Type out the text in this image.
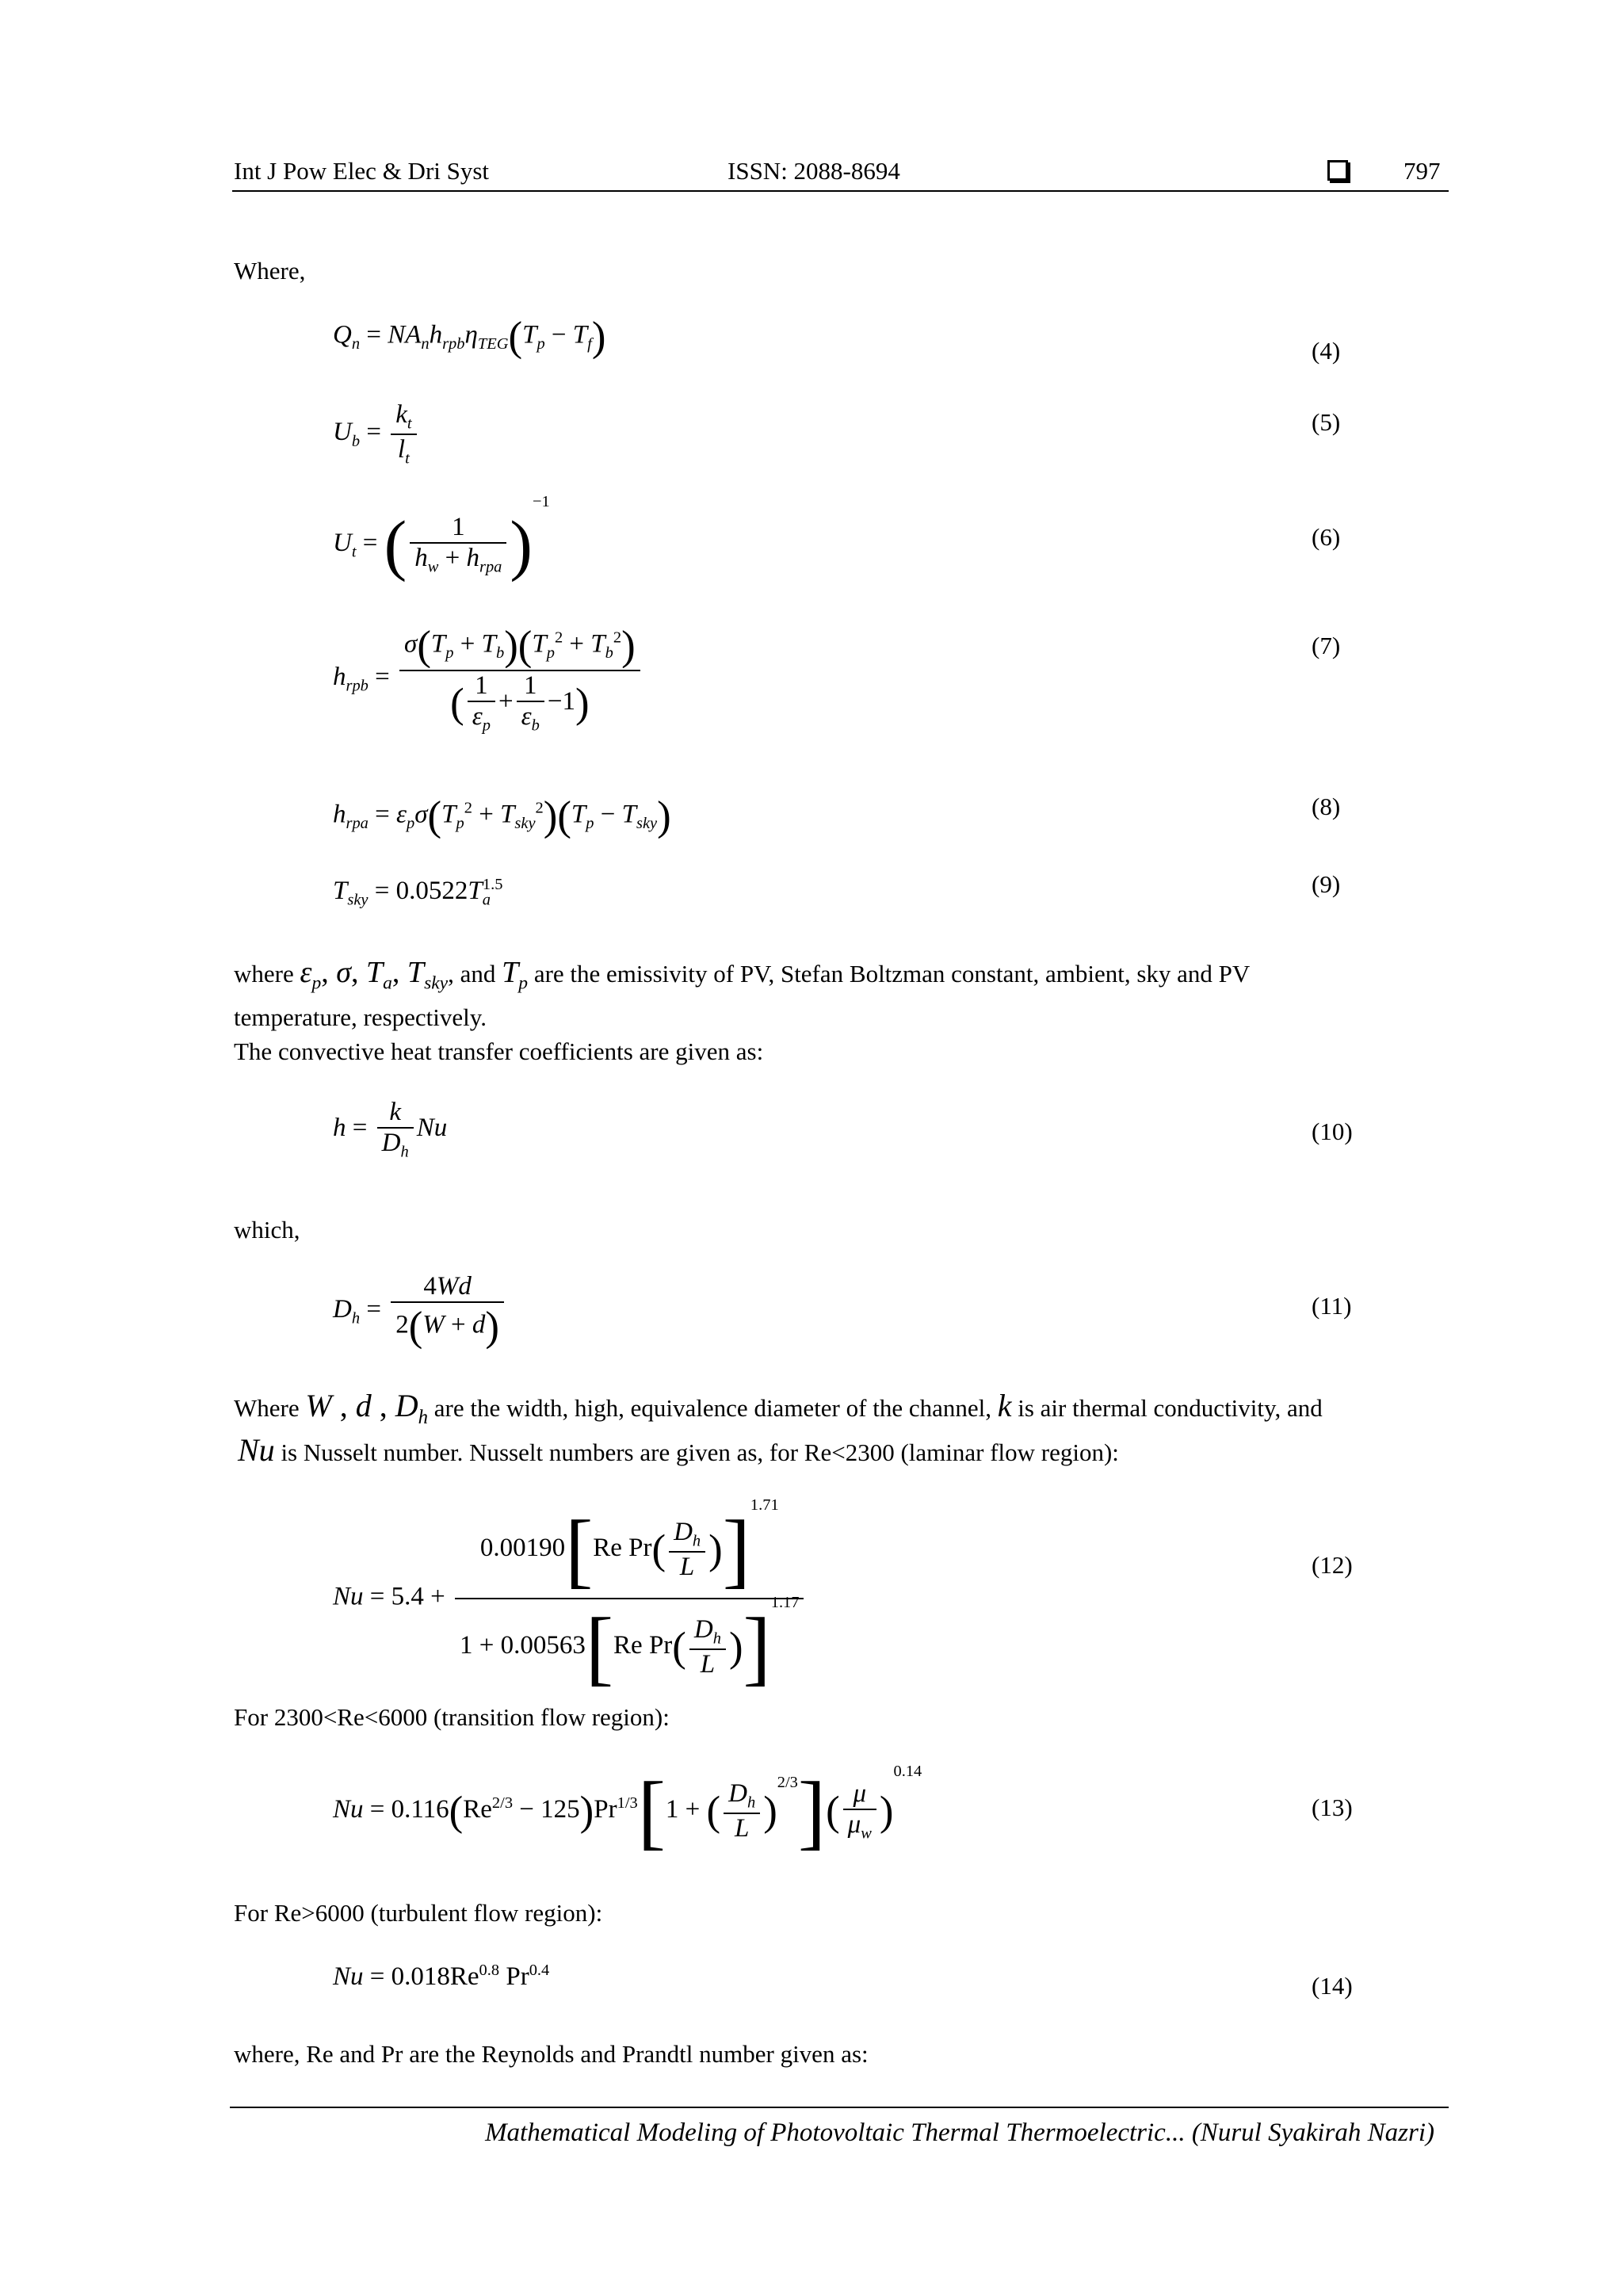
Int J Pow Elec & Dri Syst	ISSN: 2088-8694	797
Where,
$Q_n = NA_nh_{rpb}\eta_{TEG}(T_p - T_f)$	(4)
$U_b = \frac{k_t}{l_t}$	(5)
$U_t$ = ( $\frac{1}{h_w + h_{rpa}} )^{-1}$
(6)
$h_{rpb} = \frac{\sigma(T_p + T_b)(T_p^2 + T_b^2)}{( \frac{1}{\varepsilon_p} + \frac{1}{\varepsilon_b} -1)}$	(7)
$h_{rpa} = \varepsilon_p\sigma(T_p^2 + T_{sky}^2)(T_p - T_{sky})$	(8)
$T_{sky} = 0.0522T_a^{1.5}$	(9)
where $\varepsilon_p$, σ, $T_a$, $T_{sky}$, and $T_p$ are the emissivity of PV, Stefan Boltzman constant, ambient, sky and PV
temperature, respectively.
The convective heat transfer coefficients are given as:
$h = \frac{k}{D_h}$ Nu	(10)
which,
$D_h = \frac{4Wd}{2(W + d)}$	(11)
Where W , d , $D_h$ are the width, high, equivalence diameter of the channel, k is air thermal conductivity, and
Nu is Nusselt number. Nusselt numbers are given as, for Re<2300 (laminar flow region):
$Nu = 5.4 + \frac{0.00190[Re Pr( \frac{D_h}{L} )]^{1.71}}{1 + 0.00563[Re Pr( \frac{D_h}{L} )]^{1.17}}$	(12)
For 2300<Re<6000 (transition flow region):
$Nu = 0.116(Re^{2/3} - 125)Pr^{1/3}[1$ + ( $\frac{D_h}{L} )^{2/3}]( \frac{\mu}{\mu_w} )^{0.14}$
(13)
For Re>6000 (turbulent flow region):
$Nu = 0.018Re^{0.8}$ $Pr^{0.4}$
(14)
where, Re and Pr are the Reynolds and Prandtl number given as:
Mathematical Modeling of Photovoltaic Thermal Thermoelectric... (Nurul Syakirah Nazri)
